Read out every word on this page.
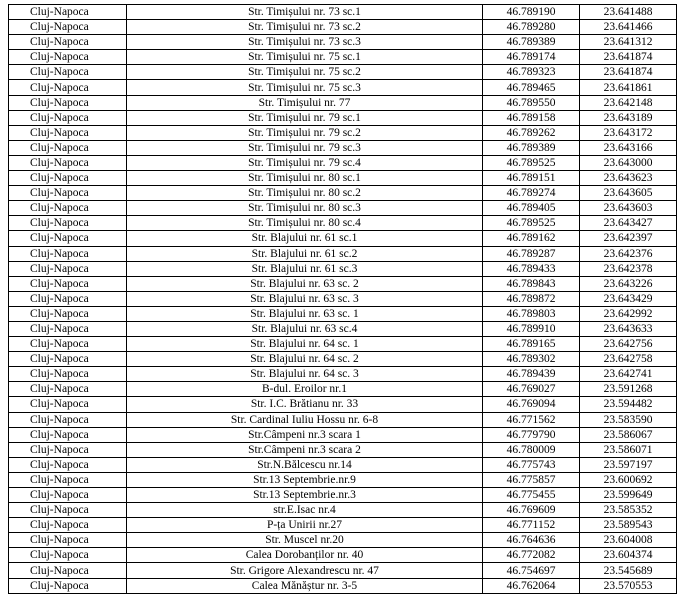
Cluj-Napoca	Str. Timișului nr. 73 sc.1	46.789190	23.641488
Cluj-Napoca	Str. Timișului nr. 73 sc.2	46.789280	23.641466
Cluj-Napoca	Str. Timișului nr. 73 sc.3	46.789389	23.641312
Cluj-Napoca	Str. Timișului nr. 75 sc.1	46.789174	23.641874
Cluj-Napoca	Str. Timișului nr. 75 sc.2	46.789323	23.641874
Cluj-Napoca	Str. Timișului nr. 75 sc.3	46.789465	23.641861
Cluj-Napoca	Str. Timișului nr. 77	46.789550	23.642148
Cluj-Napoca	Str. Timișului nr. 79 sc.1	46.789158	23.643189
Cluj-Napoca	Str. Timișului nr. 79 sc.2	46.789262	23.643172
Cluj-Napoca	Str. Timișului nr. 79 sc.3	46.789389	23.643166
Cluj-Napoca	Str. Timișului nr. 79 sc.4	46.789525	23.643000
Cluj-Napoca	Str. Timișului nr. 80 sc.1	46.789151	23.643623
Cluj-Napoca	Str. Timișului nr. 80 sc.2	46.789274	23.643605
Cluj-Napoca	Str. Timișului nr. 80 sc.3	46.789405	23.643603
Cluj-Napoca	Str. Timișului nr. 80 sc.4	46.789525	23.643427
Cluj-Napoca	Str. Blajului nr. 61 sc.1	46.789162	23.642397
Cluj-Napoca	Str. Blajului nr. 61 sc.2	46.789287	23.642376
Cluj-Napoca	Str. Blajului nr. 61 sc.3	46.789433	23.642378
Cluj-Napoca	Str. Blajului nr. 63 sc. 2	46.789843	23.643226
Cluj-Napoca	Str. Blajului nr. 63 sc. 3	46.789872	23.643429
Cluj-Napoca	Str. Blajului nr. 63 sc. 1	46.789803	23.642992
Cluj-Napoca	Str. Blajului nr. 63 sc.4	46.789910	23.643633
Cluj-Napoca	Str. Blajului nr. 64 sc. 1	46.789165	23.642756
Cluj-Napoca	Str. Blajului nr. 64 sc. 2	46.789302	23.642758
Cluj-Napoca	Str. Blajului nr. 64 sc. 3	46.789439	23.642741
Cluj-Napoca	B-dul. Eroilor nr.1	46.769027	23.591268
Cluj-Napoca	Str. I.C. Brătianu nr. 33	46.769094	23.594482
Cluj-Napoca	Str. Cardinal Iuliu Hossu nr. 6-8	46.771562	23.583590
Cluj-Napoca	Str.Câmpeni nr.3 scara 1	46.779790	23.586067
Cluj-Napoca	Str.Câmpeni nr.3 scara 2	46.780009	23.586071
Cluj-Napoca	Str.N.Bălcescu nr.14	46.775743	23.597197
Cluj-Napoca	Str.13 Septembrie.nr.9	46.775857	23.600692
Cluj-Napoca	Str.13 Septembrie.nr.3	46.775455	23.599649
Cluj-Napoca	str.E.Isac nr.4	46.769609	23.585352
Cluj-Napoca	P-ța Unirii nr.27	46.771152	23.589543
Cluj-Napoca	Str. Muscel nr.20	46.764636	23.604008
Cluj-Napoca	Calea Dorobanților nr. 40	46.772082	23.604374
Cluj-Napoca	Str. Grigore Alexandrescu nr. 47	46.754697	23.545689
Cluj-Napoca	Calea Mănăștur nr. 3-5	46.762064	23.570553
